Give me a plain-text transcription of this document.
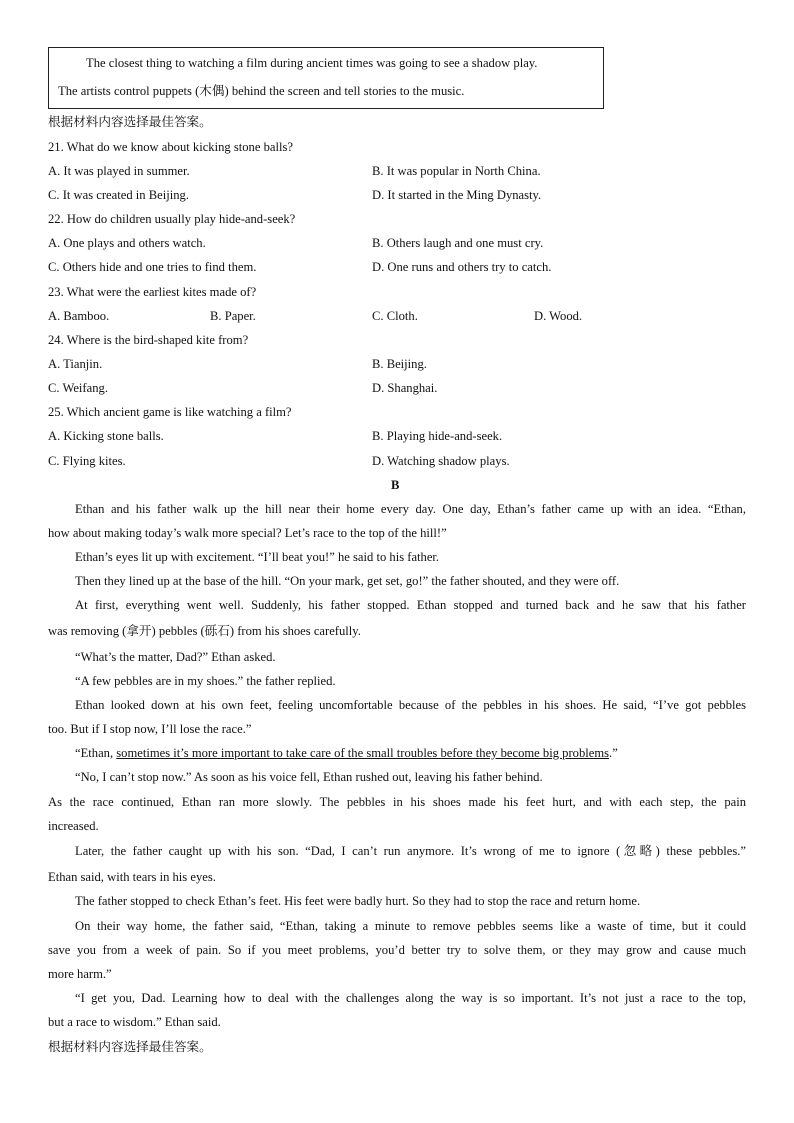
The closest thing to watching a film during ancient times was going to see a shadow play.
The artists control puppets (木偶) behind the screen and tell stories to the music.
根据材料内容选择最佳答案。
21. What do we know about kicking stone balls?
A. It was played in summer.	B. It was popular in North China.
C. It was created in Beijing.	D. It started in the Ming Dynasty.
22. How do children usually play hide-and-seek?
A. One plays and others watch.	B. Others laugh and one must cry.
C. Others hide and one tries to find them.	D. One runs and others try to catch.
23. What were the earliest kites made of?
A. Bamboo.	B. Paper.	C. Cloth.	D. Wood.
24. Where is the bird-shaped kite from?
A. Tianjin.	B. Beijing.
C. Weifang.	D. Shanghai.
25. Which ancient game is like watching a film?
A. Kicking stone balls.	B. Playing hide-and-seek.
C. Flying kites.	D. Watching shadow plays.
B
Ethan and his father walk up the hill near their home every day. One day, Ethan’s father came up with an idea. “Ethan,
how about making today’s walk more special? Let’s race to the top of the hill!”
Ethan’s eyes lit up with excitement. “I’ll beat you!” he said to his father.
Then they lined up at the base of the hill. “On your mark, get set, go!” the father shouted, and they were off.
At first, everything went well. Suddenly, his father stopped. Ethan stopped and turned back and he saw that his father
was removing (拿开) pebbles (砾石) from his shoes carefully.
“What’s the matter, Dad?” Ethan asked.
“A few pebbles are in my shoes.” the father replied.
Ethan looked down at his own feet, feeling uncomfortable because of the pebbles in his shoes. He said, “I’ve got pebbles
too. But if I stop now, I’ll lose the race.”
“Ethan, sometimes it’s more important to take care of the small troubles before they become big problems.”
“No, I can’t stop now.” As soon as his voice fell, Ethan rushed out, leaving his father behind.
As the race continued, Ethan ran more slowly. The pebbles in his shoes made his feet hurt, and with each step, the pain
increased.
Later, the father caught up with his son. “Dad, I can’t run anymore. It’s wrong of me to ignore (忽略) these pebbles.”
Ethan said, with tears in his eyes.
The father stopped to check Ethan’s feet. His feet were badly hurt. So they had to stop the race and return home.
On their way home, the father said, “Ethan, taking a minute to remove pebbles seems like a waste of time, but it could
save you from a week of pain. So if you meet problems, you’d better try to solve them, or they may grow and cause much
more harm.”
“I get you, Dad. Learning how to deal with the challenges along the way is so important. It’s not just a race to the top,
but a race to wisdom.” Ethan said.
根据材料内容选择最佳答案。
